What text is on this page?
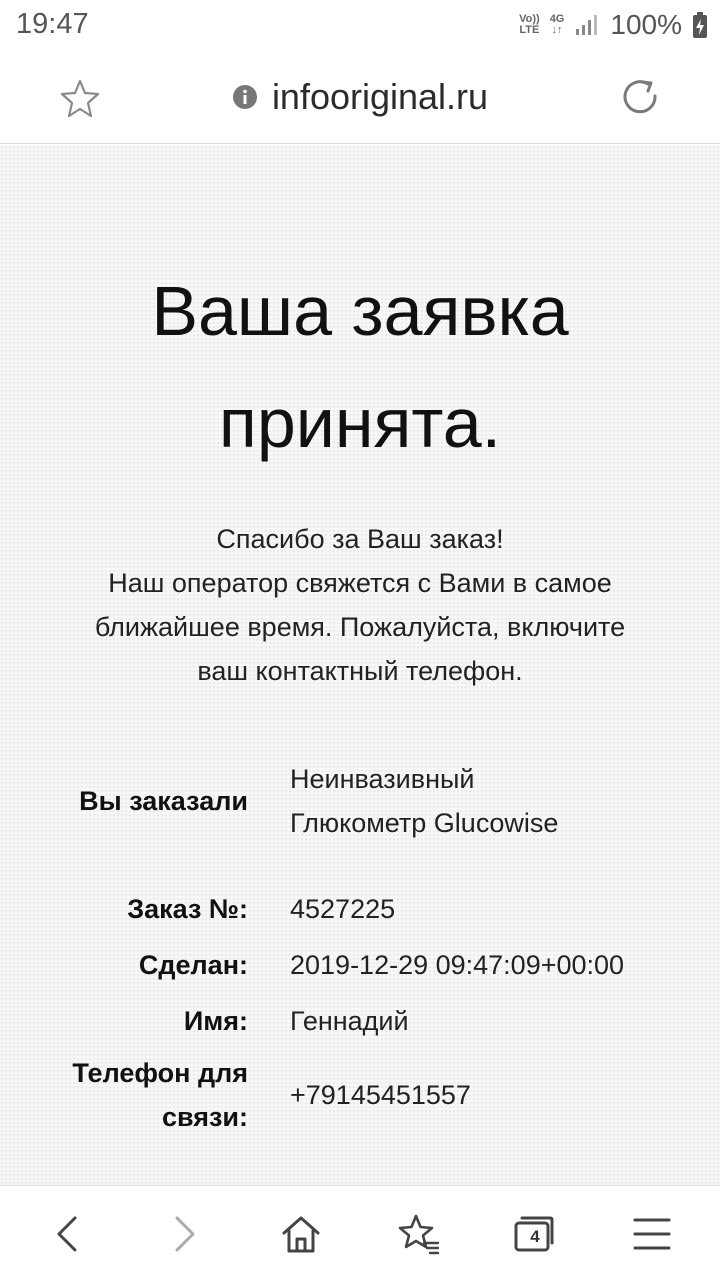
19:47	Vo))
LTE
4G
↓↑ 100%
infooriginal.ru
Ваша заявка принята.
Спасибо за Ваш заказ!
Наш оператор свяжется с Вами в самое
ближайшее время. Пожалуйста, включите
ваш контактный телефон.
Вы заказали
Неинвазивный
Глюкометр Glucowise
Заказ №: 4527225
Сделан: 2019-12-29 09:47:09+00:00
Имя: Геннадий
Телефон для
связи:
+79145451557
4
